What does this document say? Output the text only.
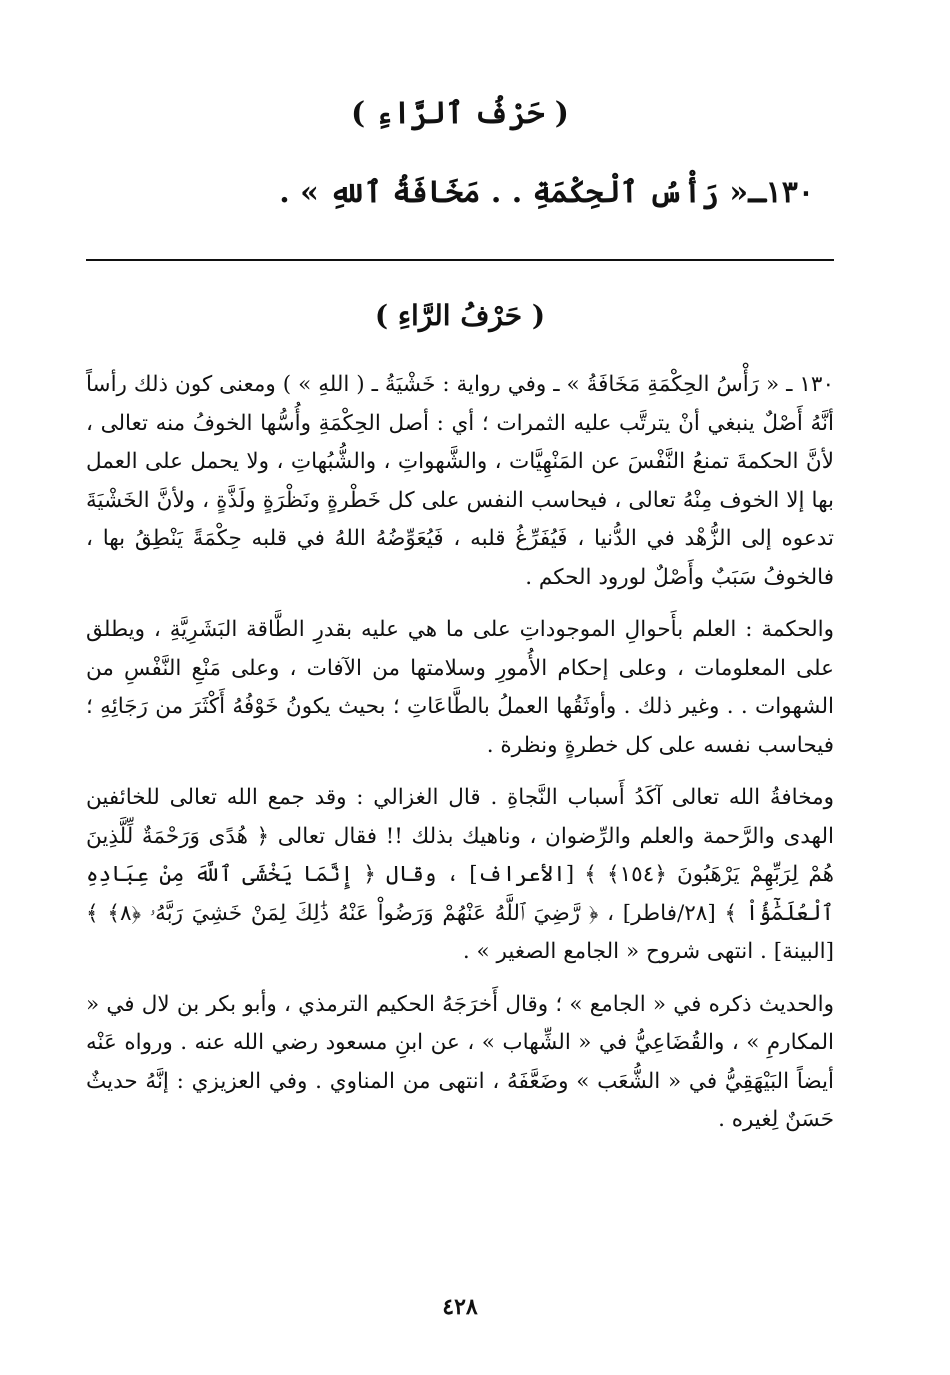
( حَرْفُ ٱلرَّاءِ )
١٣٠ـ« رَأْسُ ٱلْحِكْمَةِ . . مَخَافَةُ ٱللهِ » .
( حَرْفُ الرَّاءِ )

١٣٠ ـ « رَأْسُ الحِكْمَةِ مَخَافَةُ » ـ وفي رواية : خَشْيَةُ ـ ( اللهِ » ) ومعنى كون ذلك رأساً أنَّهُ أَصْلٌ ينبغي أنْ يترتَّب عليه الثمرات ؛ أي : أصل الحِكْمَةِ وأُسُّها الخوفُ منه تعالى ، لأنَّ الحكمةَ تمنعُ النَّفْسَ عن المَنْهِيَّات ، والشَّهواتِ ، والشُّبُهاتِ ، ولا يحمل على العمل بها إلا الخوف مِنْهُ تعالى ، فيحاسب النفس على كل خَطْرةٍ ونَظْرَةٍ ولَذَّةٍ ، ولأنَّ الخَشْيَةَ تدعوه إلى الزُّهْد في الدُّنيا ، فَيُفَرِّغُ قلبه ، فَيُعَوِّضُهُ اللهُ في قلبه حِكْمَةً يَنْطِقُ بها ، فالخوفُ سَبَبٌ وأَصْلٌ لورود الحكم .

والحكمة : العلم بأَحوالِ الموجوداتِ على ما هي عليه بقدرِ الطَّاقة البَشَرِيَّةِ ، ويطلق على المعلومات ، وعلى إحكام الأُمورِ وسلامتها من الآفات ، وعلى مَنْعِ النَّفْسِ من الشهوات . . وغير ذلك . وأوثَقُها العملُ بالطَّاعَاتِ ؛ بحيث يكونُ خَوْفُهُ أَكْثَرَ من رَجَائِهِ ؛ فيحاسب نفسه على كل خطرةٍ ونظرة .

ومخافةُ الله تعالى آكَدُ أَسباب النَّجاةِ . قال الغزالي : وقد جمع الله تعالى للخائفين الهدى والرَّحمة والعلم والرِّضوان ، وناهيك بذلك !! فقال تعالى ﴿ هُدًى وَرَحْمَةٌ لِّلَّذِينَ هُمْ لِرَبِّهِمْ يَرْهَبُونَ ﴿١٥٤﴾ ﴾ [الأعراف] ، وقال ﴿ إِنَّمَا يَخْشَى ٱللَّهَ مِنْ عِبَادِهِ ٱلْعُلَمَٰٓؤُاْ ﴾ [٢٨/فاطر] ، ﴿ رَّضِيَ ٱللَّهُ عَنْهُمْ وَرَضُواْ عَنْهُ ذَٰلِكَ لِمَنْ خَشِيَ رَبَّهُۥ ﴿٨﴾ ﴾ [البينة] . انتهى شروح « الجامع الصغير » .

والحديث ذكره في « الجامع » ؛ وقال أَخرَجَهُ الحكيم الترمذي ، وأبو بكر بن لال في « المكارمِ » ، والقُضَاعِيُّ في « الشِّهاب » ، عن ابنِ مسعود رضي الله عنه . ورواه عَنْه أيضاً البَيْهَقِيُّ في « الشُّعَب » وضَعَّفَهُ ، انتهى من المناوي . وفي العزيزي : إنَّهُ حديثٌ حَسَنٌ لِغيره .

٤٢٨
